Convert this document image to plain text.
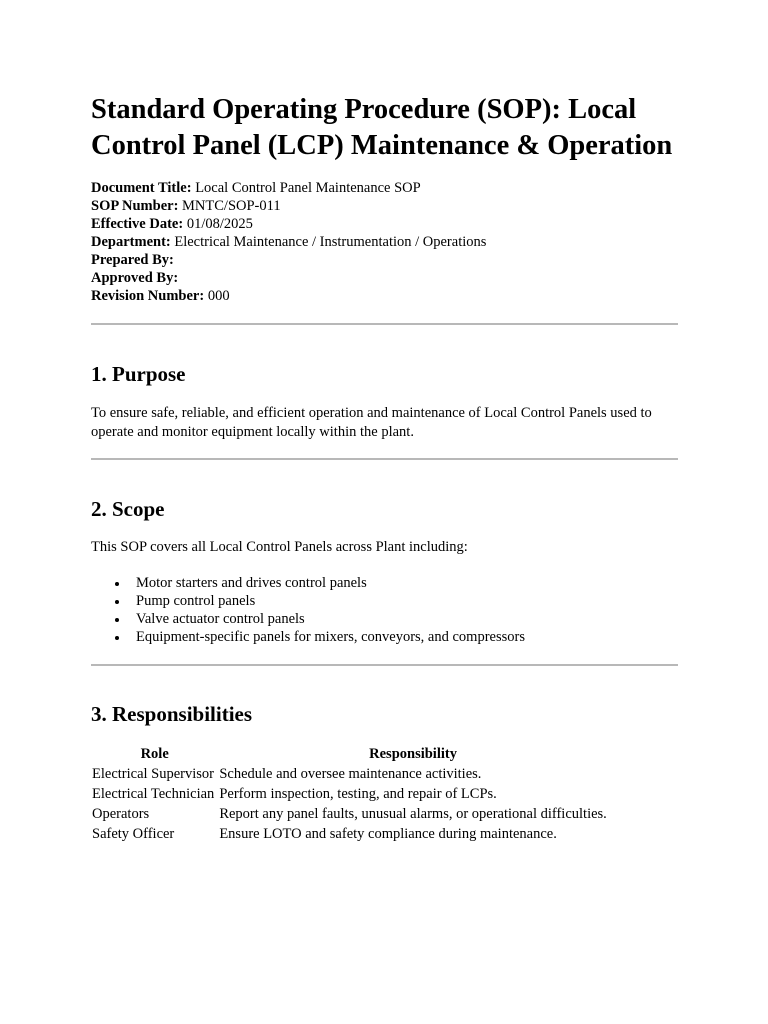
Standard Operating Procedure (SOP): Local Control Panel (LCP) Maintenance & Operation
Document Title: Local Control Panel Maintenance SOP
SOP Number: MNTC/SOP-011
Effective Date: 01/08/2025
Department: Electrical Maintenance / Instrumentation / Operations
Prepared By:
Approved By:
Revision Number: 000
1. Purpose

To ensure safe, reliable, and efficient operation and maintenance of Local Control Panels used to operate and monitor equipment locally within the plant.

2. Scope

This SOP covers all Local Control Panels across Plant including:

Motor starters and drives control panels
Pump control panels
Valve actuator control panels
Equipment-specific panels for mixers, conveyors, and compressors
3. Responsibilities
Role	Responsibility
Electrical Supervisor	Schedule and oversee maintenance activities.
Electrical Technician	Perform inspection, testing, and repair of LCPs.
Operators	Report any panel faults, unusual alarms, or operational difficulties.
Safety Officer	Ensure LOTO and safety compliance during maintenance.
